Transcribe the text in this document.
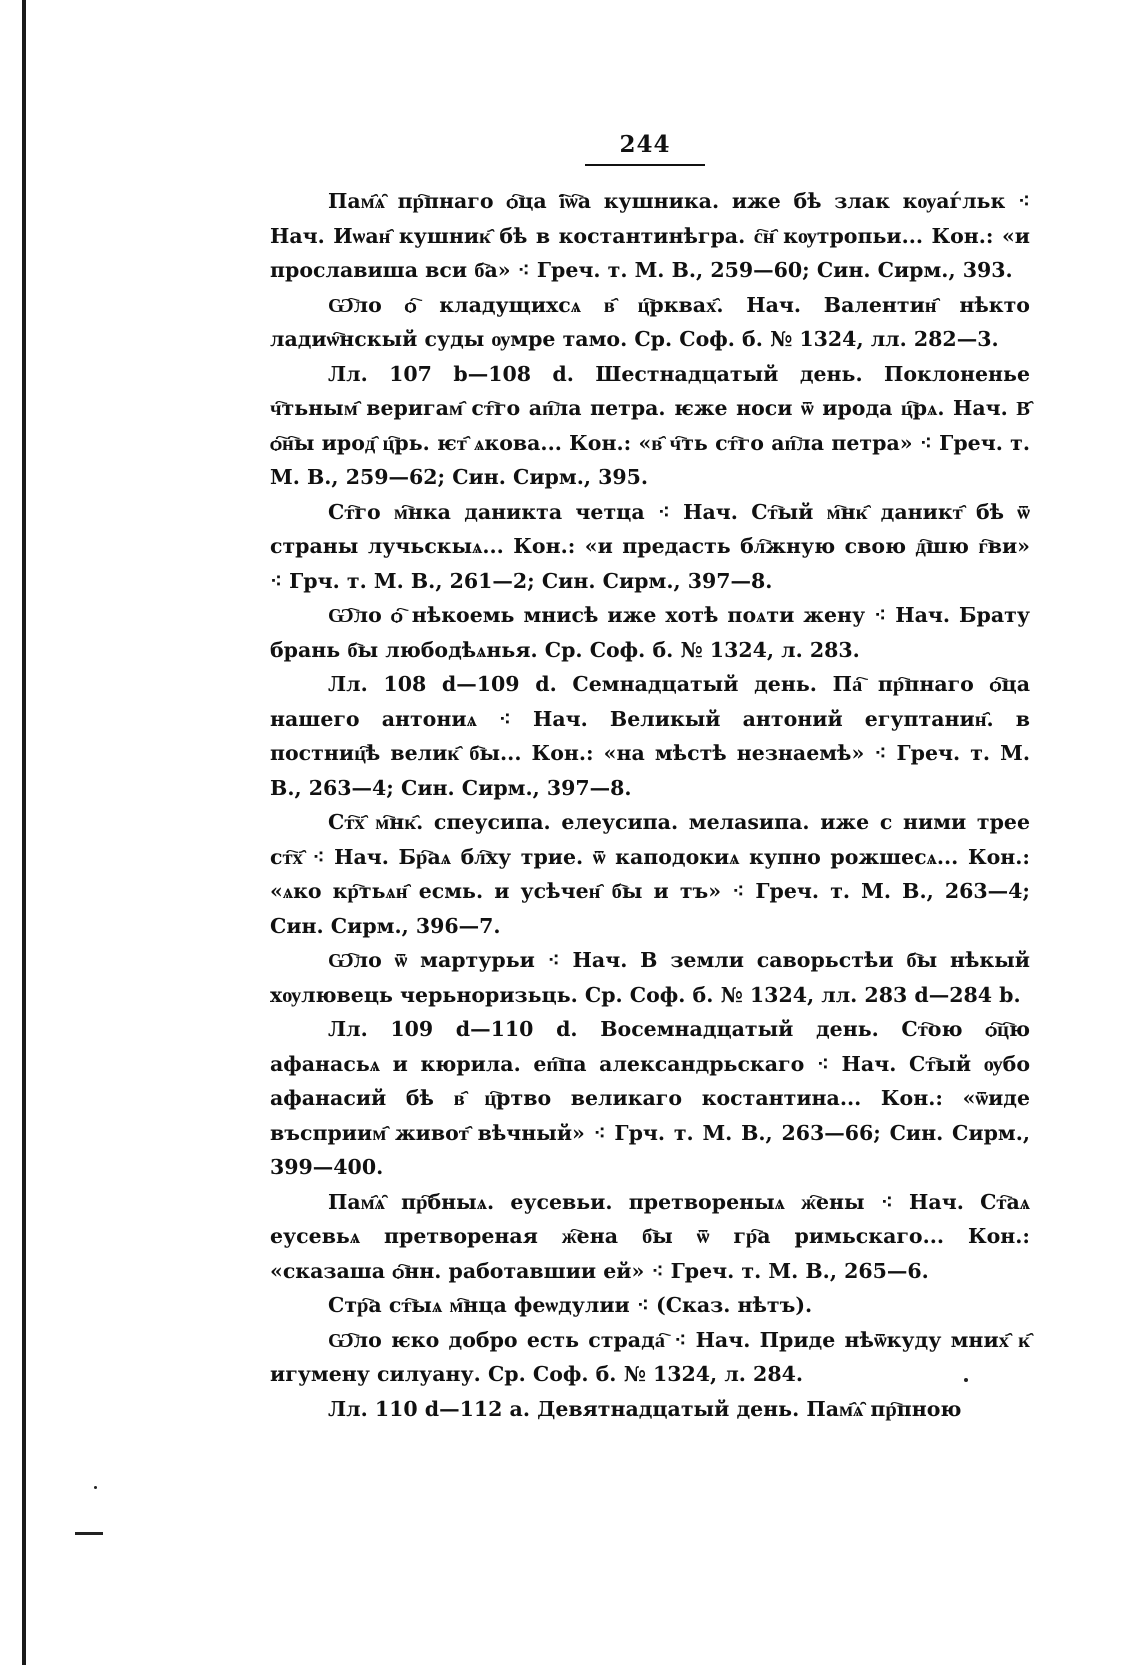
244

Пам҄ѧ̑ пр҇пнаго ѻ҇ца і҇ѡ҇а кушника. иже бѣ злак кѹаѓльк ⁖ Нач. Иѡан҄ кушник҄ бѣ в костантинѣгра. с҇н҄ кѹтропьи... Кон.: «и прославиша вси б҇а» ⁖ Греч. т. М. В., 259—60; Син. Сирм., 393.

Ѡ҇ло ѻ҇ кладущихсѧ в҄ ц҇рквах҄. Нач. Валентин҄ нѣкто ладиѡ҇нскый суды ѹмре тамо. Ср. Соф. б. № 1324, лл. 282—3.

Лл. 107 b—108 d. Шестнадцатый день. Поклоненье ч҇тьным҄ веригам҄ ст҇го ап҇ла петра. ѥже носи ѿ ирода ц҇рѧ. Нач. В҄ ѻ҇н҇ы ирод҄ ц҇рь. ѥт҄ ѧкова... Кон.: «в҄ ч҇ть ст҇го ап҇ла петра» ⁖ Греч. т. М. В., 259—62; Син. Сирм., 395.

Ст҇го м҇нка даникта четца ⁖ Нач. Ст҇ый м҇нк҄ даникт҄ бѣ ѿ страны лучьскыѧ... Кон.: «и предасть бл҇жную свою д҇шю г҇ви» ⁖ Грч. т. М. В., 261—2; Син. Сирм., 397—8.

Ѡ҇ло ѻ҇ нѣкоемь мнисѣ иже хотѣ поѧти жену ⁖ Нач. Брату брань б҇ы любодѣѧнья. Ср. Соф. б. № 1324, л. 283.

Лл. 108 d—109 d. Семнадцатый день. Па҇ пр҇пнаго ѻ҇ца нашего антониѧ ⁖ Нач. Великый антоний егуптанин҄. в постниц҇ѣ велик҄ б҇ы... Кон.: «на мѣстѣ незнаемѣ» ⁖ Греч. т. М. В., 263—4; Син. Сирм., 397—8.

Ст҇х҄ м҇нк҄. спеусипа. елеусипа. мелаѕипа. иже с ними трее ст҇х҄ ⁖ Нач. Бр҇аѧ бл҇ху трие. ѿ каподокиѧ купно рожшесѧ... Кон.: «ѧко кр҇тьѧн҄ есмь. и усѣчен҄ б҇ы и тъ» ⁖ Греч. т. М. В., 263—4; Син. Сирм., 396—7.

Ѡ҇ло ѿ мартурьи ⁖ Нач. В земли саворьстѣи б҇ы нѣкый хѹлювець черьноризьць. Ср. Соф. б. № 1324, лл. 283 d—284 b.

Лл. 109 d—110 d. Восемнадцатый день. Ст҇ою ѻ҇ц҇ю афанасьѧ и кюрила. еп҇па александрьскаго ⁖ Нач. Ст҇ый ѹбо афанасий бѣ в҄ ц҇ртво великаго костантина... Кон.: «ѿиде въсприим҄ живот҄ вѣчный» ⁖ Грч. т. М. В., 263—66; Син. Сирм., 399—400.

Пам҄ѧ̑ пр҇бныѧ. еусевьи. претвореныѧ ж҇ены ⁖ Нач. Ст҇аѧ еусевьѧ претвореная ж҇ена б҇ы ѿ гр҇а римьскаго... Кон.: «сказаша ѻ҇нн. работавшии ей» ⁖ Греч. т. М. В., 265—6.

Стр҇а ст҇ыѧ м҇нца феѡдулии ⁖ (Сказ. нѣтъ).

Ѡ҇ло ѥко добро есть страда҇ ⁖ Нач. Приде нѣѿкуду мних҄ к҄ игумену силуану. Ср. Соф. б. № 1324, л. 284.

Лл. 110 d—112 a. Девятнадцатый день. Пам҄ѧ̑ пр҇пною
